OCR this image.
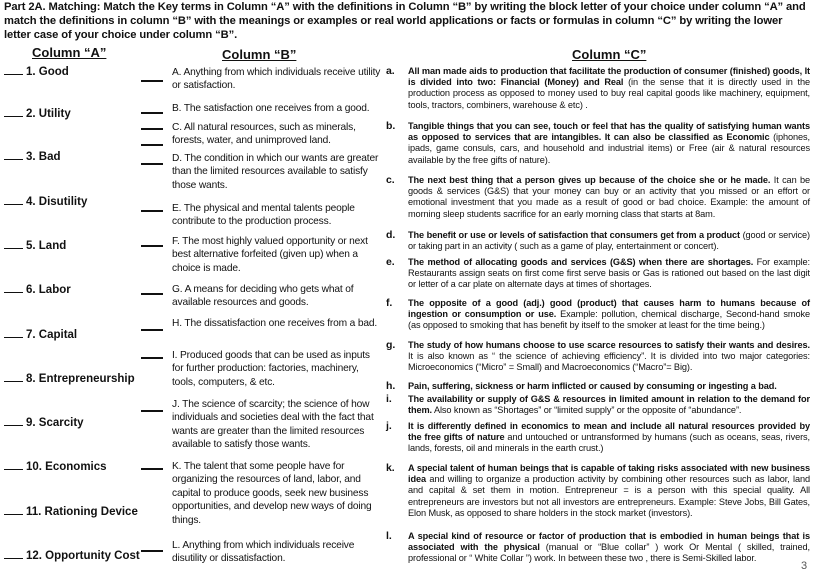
Part 2A. Matching: Match the Key terms in Column “A” with the definitions in Column “B” by writing the block letter of your choice under column “A” and match the definitions in column “B” with the meanings or examples or real world applications or facts or formulas in column “C” by writing the lower letter case of your choice under column “B”.
Column “A”	Column “B”	Column “C”
1. Good
2. Utility
3. Bad
4. Disutility
5. Land
6. Labor
7. Capital
8. Entrepreneurship
9. Scarcity
10. Economics
11. Rationing Device
12. Opportunity Cost
A. Anything from which individuals receive utility or satisfaction.
B. The satisfaction one receives from a good.
C. All natural resources, such as minerals, forests, water, and unimproved land.
D. The condition in which our wants are greater than the limited resources available to satisfy those wants.
E. The physical and mental talents people contribute to the production process.
F. The most highly valued opportunity or next best alternative forfeited (given up) when a choice is made.
G. A means for deciding who gets what of available resources and goods.
H. The dissatisfaction one receives from a bad.
I. Produced goods that can be used as inputs for further production: factories, machinery, tools, computers, & etc.
J. The science of scarcity; the science of how individuals and societies deal with the fact that wants are greater than the limited resources available to satisfy those wants.
K. The talent that some people have for organizing the resources of land, labor, and capital to produce goods, seek new business opportunities, and develop new ways of doing things.
L. Anything from which individuals receive disutility or dissatisfaction.
a. All man made aids to production that facilitate the production of consumer (finished) goods, It is divided into two: Financial (Money) and Real (in the sense that it is directly used in the production process as opposed to money used to buy real capital goods like machinery, equipment, tools, tractors, combiners, warehouse & etc) .
b. Tangible things that you can see, touch or feel that has the quality of satisfying human wants as opposed to services that are intangibles. It can also be classified as Economic (iphones, ipads, game consuls, cars, and household and industrial items) or Free (air & natural resources available by the free gifts of nature).
c. The next best thing that a person gives up because of the choice she or he made. It can be goods & services (G&S) that your money can buy or an activity that you missed or an effort or emotional investment that you made as a result of good or bad choice. Example: the amount of morning sleep students sacrifice for an early morning class that starts at 8am.
d. The benefit or use or levels of satisfaction that consumers get from a product (good or service) or taking part in an activity ( such as a game of play, entertainment or concert).
e. The method of allocating goods and services (G&S) when there are shortages. For example: Restaurants assign seats on first come first serve basis or Gas is rationed out based on the last digit or letter of a car plate on alternate days at times of shortages.
f. The opposite of a good (adj.) good (product) that causes harm to humans because of ingestion or consumption or use. Example: pollution, chemical discharge, Second-hand smoke (as opposed to smoking that has benefit by itself to the smoker at least for the time being.)
g. The study of how humans choose to use scarce resources to satisfy their wants and desires. It is also known as “ the science of achieving efficiency”. It is divided into two major categories: Microeconomics (“Micro” = Small) and Macroeconomics (“Macro”= Big).
h. Pain, suffering, sickness or harm inflicted or caused by consuming or ingesting a bad.
i. The availability or supply of G&S & resources in limited amount in relation to the demand for them. Also known as “Shortages” or “limited supply” or the opposite of “abundance”.
j. It is differently defined in economics to mean and include all natural resources provided by the free gifts of nature and untouched or untransformed by humans (such as oceans, seas, rivers, lands, forests, oil and minerals in the earth crust.)
k. A special talent of human beings that is capable of taking risks associated with new business idea and willing to organize a production activity by combining other resources such as labor, land and capital & set them in motion. Entrepreneur = is a person with this special quality. All entrepreneurs are investors but not all investors are entrepreneurs. Example: Steve Jobs, Bill Gates, Elon Musk, as opposed to share holders in the stock market (investors).
l. A special kind of resource or factor of production that is embodied in human beings that is associated with the physical (manual or “Blue collar” ) work Or Mental ( skilled, trained, professional or “ White Collar ”) work. In between these two , there is Semi-Skilled labor.
3
